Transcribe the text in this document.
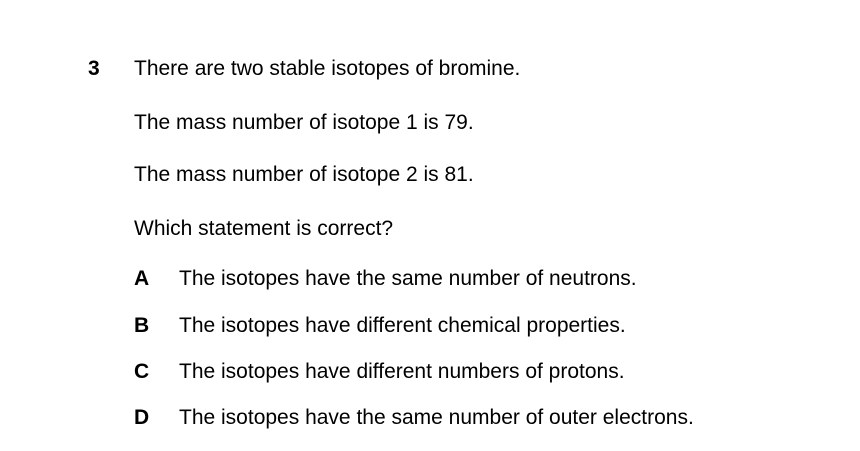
3 There are two stable isotopes of bromine.
The mass number of isotope 1 is 79.
The mass number of isotope 2 is 81.
Which statement is correct?
A The isotopes have the same number of neutrons.
B The isotopes have different chemical properties.
C The isotopes have different numbers of protons.
D The isotopes have the same number of outer electrons.
